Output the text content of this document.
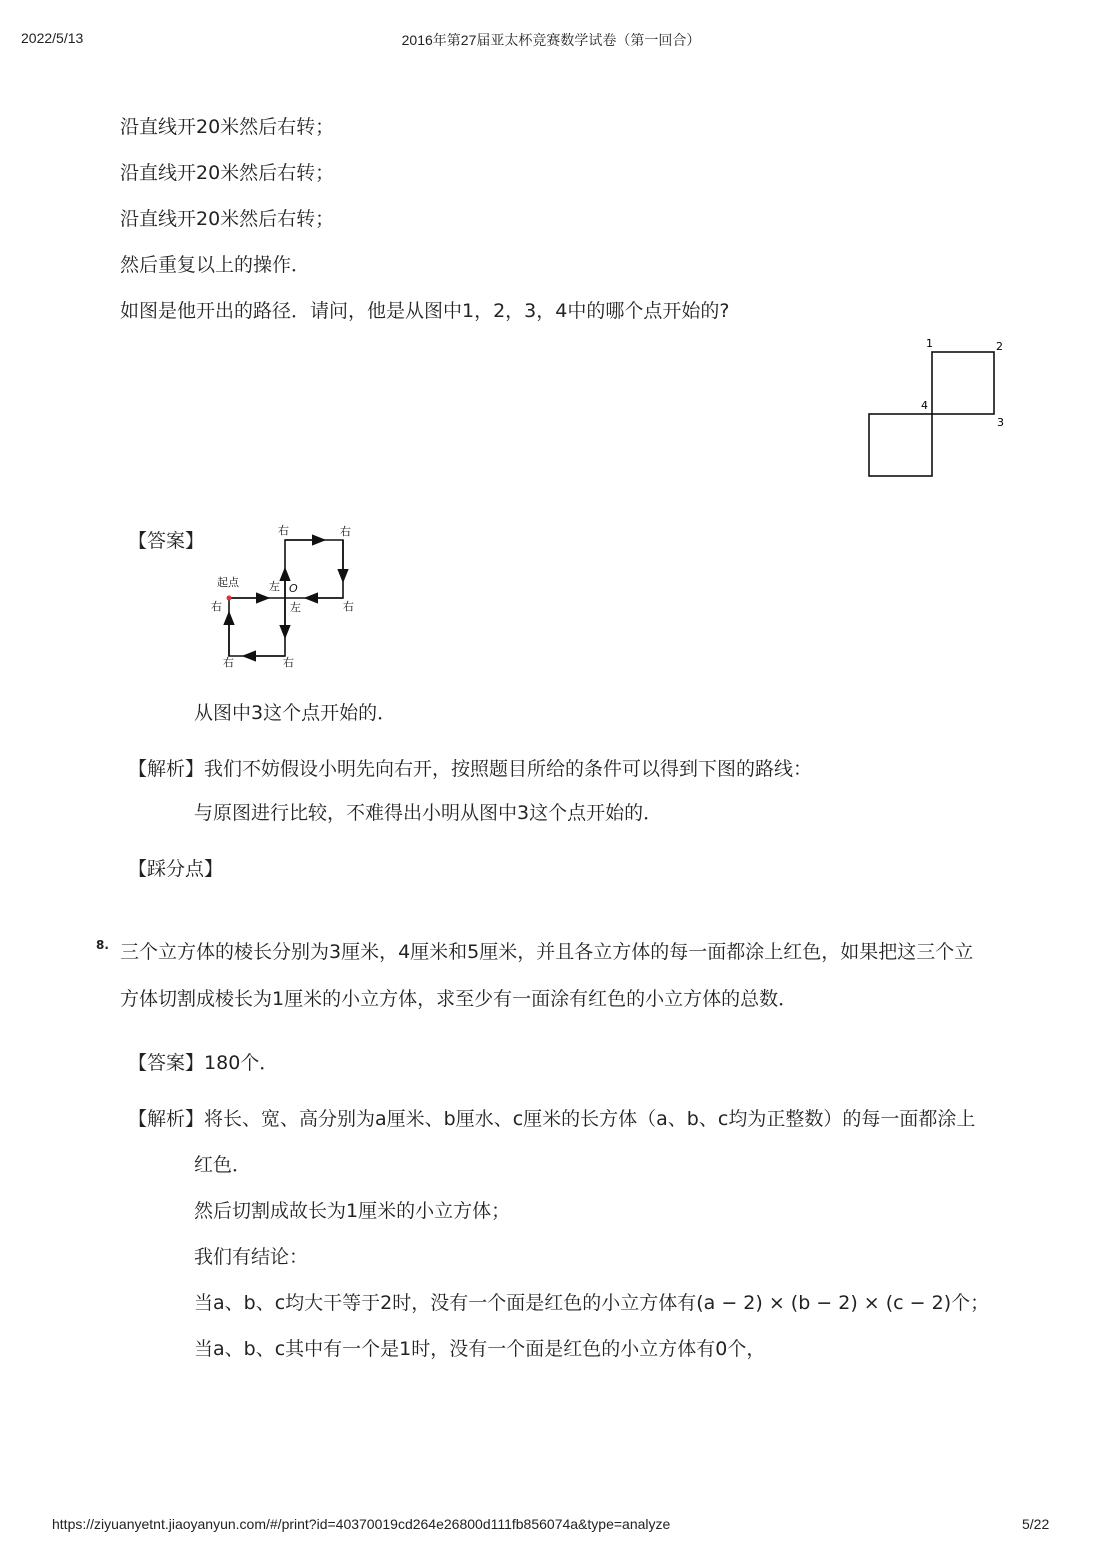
2022/5/13	2016年第27届亚太杯竞赛数学试卷（第一回合）
沿直线开20米然后右转；
沿直线开20米然后右转；
沿直线开20米然后右转；
然后重复以上的操作．
如图是他开出的路径．请问，他是从图中1，2，3，4中的哪个点开始的?
1	2
3
4
【答案】
起点	O
右	右
左
左	右
右
右	右
从图中3这个点开始的．
【解析】我们不妨假设小明先向右开，按照题目所给的条件可以得到下图的路线：
与原图进行比较，不难得出小明从图中3这个点开始的．
【踩分点】
8. 三个立方体的棱长分别为3厘米，4厘米和5厘米，并且各立方体的每一面都涂上红色，如果把这三个立
方体切割成棱长为1厘米的小立方体，求至少有一面涂有红色的小立方体的总数．
【答案】180个．
【解析】将长、宽、高分别为a厘米、b厘水、c厘米的长方体（a、b、c均为正整数）的每一面都涂上
红色．
然后切割成故长为1厘米的小立方体；
我们有结论：
当a、b、c均大干等于2时，没有一个面是红色的小立方体有(a − 2) × (b − 2) × (c − 2)个；
当a、b、c其中有一个是1时，没有一个面是红色的小立方体有0个，
https://ziyuanyetnt.jiaoyanyun.com/#/print?id=40370019cd264e26800d111fb856074a&type=analyze	5/22
